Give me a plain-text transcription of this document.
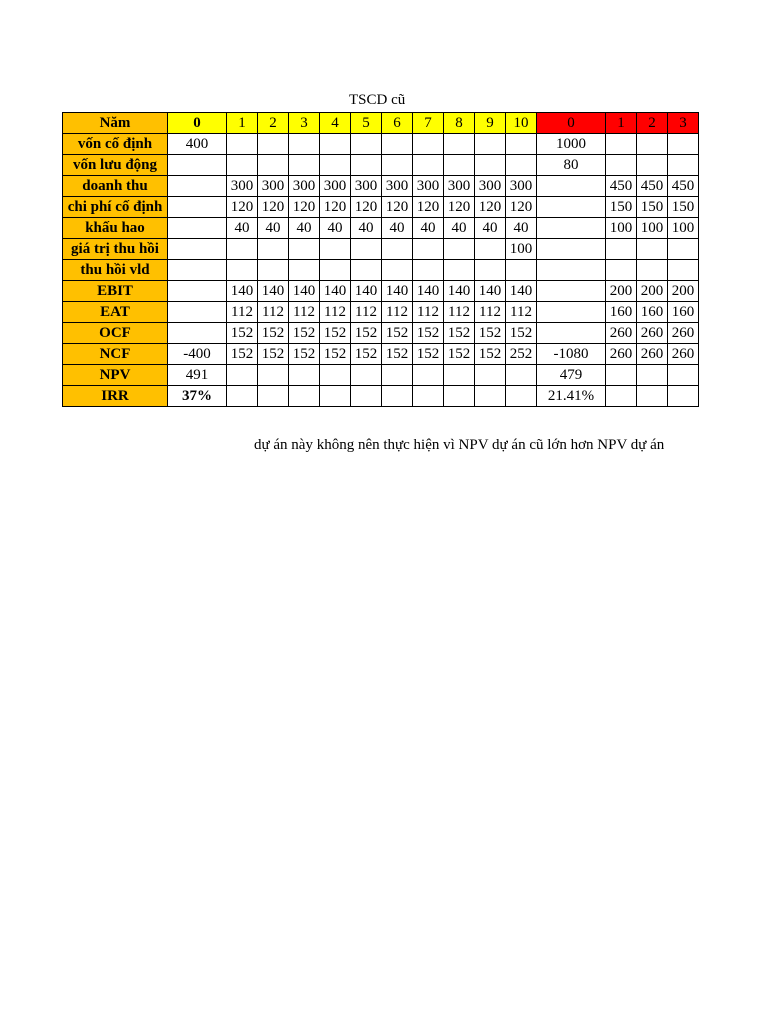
TSCD cũ
Năm	0	1	2	3	4	5	6	7	8	9	10	0	1	2	3
vốn cố định	400											1000			
vốn lưu động												80			
doanh thu		300	300	300	300	300	300	300	300	300	300		450	450	450
chi phí cố định		120	120	120	120	120	120	120	120	120	120		150	150	150
khấu hao		40	40	40	40	40	40	40	40	40	40		100	100	100
giá trị thu hồi											100				
thu hồi vld															
EBIT		140	140	140	140	140	140	140	140	140	140		200	200	200
EAT		112	112	112	112	112	112	112	112	112	112		160	160	160
OCF		152	152	152	152	152	152	152	152	152	152		260	260	260
NCF	-400	152	152	152	152	152	152	152	152	152	252	-1080	260	260	260
NPV	491											479			
IRR	37%											21.41%			
dự án này không nên thực hiện vì NPV dự án cũ lớn hơn NPV dự án
